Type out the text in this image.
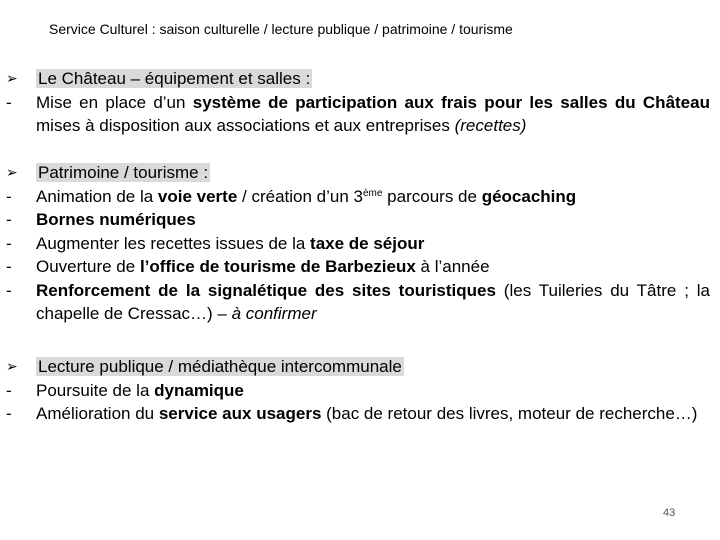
Service Culturel : saison culturelle / lecture publique / patrimoine / tourisme
➢	Le Château – équipement et salles :
-	Mise en place d’un système de participation aux frais pour les salles du Château mises à disposition aux associations et aux entreprises (recettes)
➢	Patrimoine / tourisme :
-	Animation de la voie verte / création d’un 3ème parcours de géocaching
-	Bornes numériques
-	Augmenter les recettes issues de la taxe de séjour
-	Ouverture de l’office de tourisme de Barbezieux à l’année
-	Renforcement de la signalétique des sites touristiques (les Tuileries du Tâtre ; la chapelle de Cressac…) – à confirmer
➢	Lecture publique / médiathèque intercommunale
-	Poursuite de la dynamique
-	Amélioration du service aux usagers (bac de retour des livres, moteur de recherche…)
43
